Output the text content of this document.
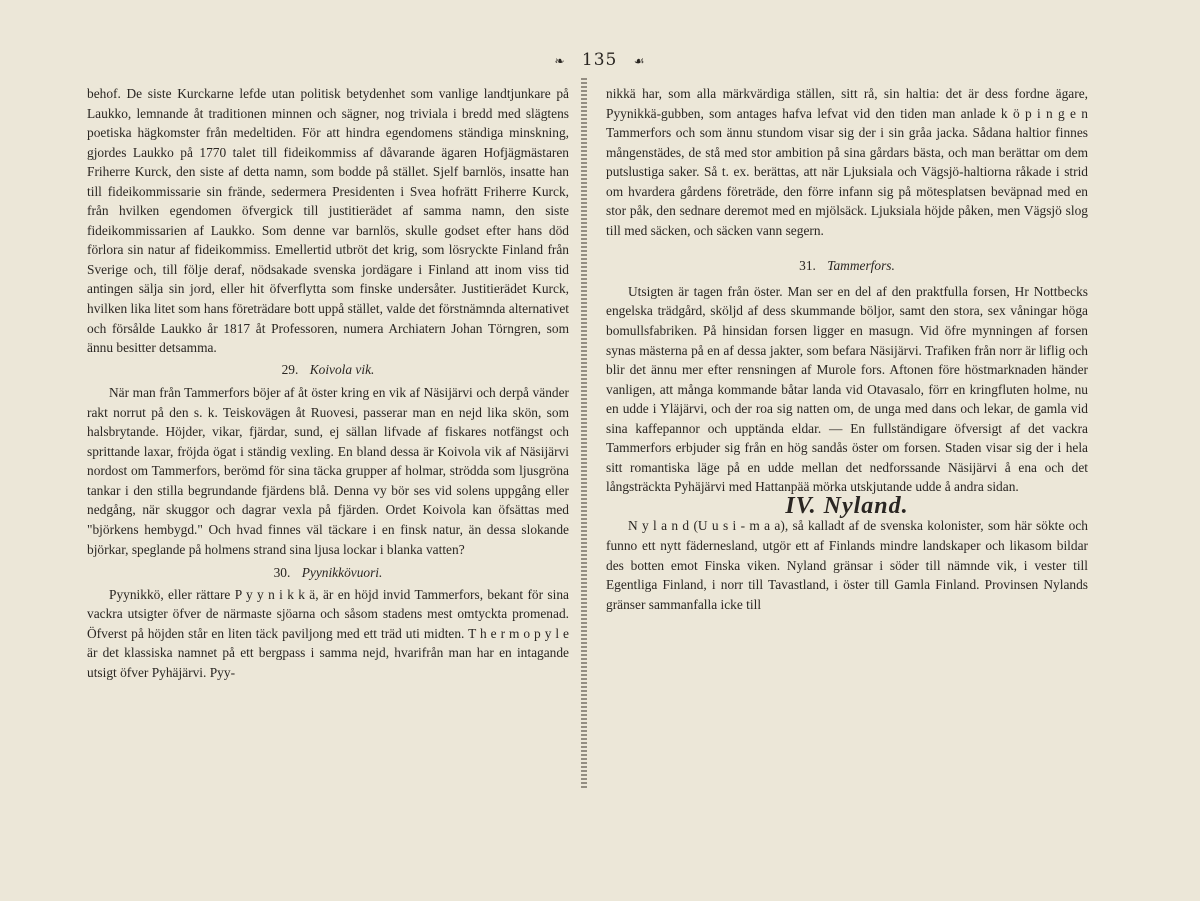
❧ 135 ☙

behof. De siste Kurckarne lefde utan politisk betydenhet som vanlige landtjunkare på Laukko, lemnande åt traditionen minnen och sägner, nog triviala i bredd med slägtens poetiska hägkomster från medeltiden. För att hindra egendomens ständiga minskning, gjordes Laukko på 1770 talet till fideikommiss af dåvarande ägaren Hofjägmästaren Friherre Kurck, den siste af detta namn, som bodde på stället. Sjelf barnlös, insatte han till fideikommissarie sin frände, sedermera Presidenten i Svea hofrätt Friherre Kurck, från hvilken egendomen öfvergick till justitierädet af samma namn, den siste fideikommissarien af Laukko. Som denne var barnlös, skulle godset efter hans död förlora sin natur af fideikommiss. Emellertid utbröt det krig, som lösryckte Finland från Sverige och, till följe deraf, nödsakade svenska jordägare i Finland att inom viss tid antingen sälja sin jord, eller hit öfverflytta som finske undersåter. Justitierädet Kurck, hvilken lika litet som hans företrädare bott uppå stället, valde det förstnämnda alternativet och försålde Laukko år 1817 åt Professoren, numera Archiatern Johan Törngren, som ännu besitter detsamma.

29. Koivola vik.

När man från Tammerfors böjer af åt öster kring en vik af Näsijärvi och derpå vänder rakt norrut på den s. k. Teiskovägen åt Ruovesi, passerar man en nejd lika skön, som halsbrytande. Höjder, vikar, fjärdar, sund, ej sällan lifvade af fiskares notfängst och sprittande laxar, fröjda ögat i ständig vexling. En bland dessa är Koivola vik af Näsijärvi nordost om Tammerfors, berömd för sina täcka grupper af holmar, strödda som ljusgröna tankar i den stilla begrundande fjärdens blå. Denna vy bör ses vid solens uppgång eller nedgång, när skuggor och dagrar vexla på fjärden. Ordet Koivola kan öfsättas med "björkens hembygd." Och hvad finnes väl täckare i en finsk natur, än dessa slokande björkar, speglande på holmens strand sina ljusa lockar i blanka vatten?

30. Pyynikkövuori.

Pyynikkö, eller rättare P y y n i k k ä, är en höjd invid Tammerfors, bekant för sina vackra utsigter öfver de närmaste sjöarna och såsom stadens mest omtyckta promenad. Öfverst på höjden står en liten täck paviljong med ett träd uti midten. T h e r m o p y l e är det klassiska namnet på ett bergpass i samma nejd, hvarifrån man har en intagande utsigt öfver Pyhäjärvi. Pyy-

nikkä har, som alla märkvärdiga ställen, sitt rå, sin haltia: det är dess fordne ägare, Pyynikkä-gubben, som antages hafva lefvat vid den tiden man anlade k ö p i n g e n Tammerfors och som ännu stundom visar sig der i sin gråa jacka. Sådana haltior finnes mångenstädes, de stå med stor ambition på sina gårdars bästa, och man berättar om dem putslustiga saker. Så t. ex. berättas, att när Ljuksiala och Vägsjö-haltiorna råkade i strid om hvardera gårdens företräde, den förre infann sig på mötesplatsen beväpnad med en stor påk, den sednare deremot med en mjölsäck. Ljuksiala höjde påken, men Vägsjö slog till med säcken, och säcken vann segern.

31. Tammerfors.

Utsigten är tagen från öster. Man ser en del af den praktfulla forsen, Hr Nottbecks engelska trädgård, sköljd af dess skummande böljor, samt den stora, sex våningar höga bomullsfabriken. På hinsidan forsen ligger en masugn. Vid öfre mynningen af forsen synas mästerna på en af dessa jakter, som befara Näsijärvi. Trafiken från norr är liflig och blir det ännu mer efter rensningen af Murole fors. Aftonen före höstmarknaden händer vanligen, att många kommande båtar landa vid Otavasalo, förr en kringfluten holme, nu en udde i Yläjärvi, och der roa sig natten om, de unga med dans och lekar, de gamla vid sina kaffepannor och upptända eldar. — En fullständigare öfversigt af det vackra Tammerfors erbjuder sig från en hög sandås öster om forsen. Staden visar sig der i hela sitt romantiska läge på en udde mellan det nedforssande Näsijärvi å ena och det långsträckta Pyhäjärvi med Hattanpää mörka utskjutande udde å andra sidan.

IV. Nyland.

N y l a n d (U u s i - m a a), så kalladt af de svenska kolonister, som här sökte och funno ett nytt fädernesland, utgör ett af Finlands mindre landskaper och likasom bildar des botten emot Finska viken. Nyland gränsar i söder till nämnde vik, i vester till Egentliga Finland, i norr till Tavastland, i öster till Gamla Finland. Provinsen Nylands gränser sammanfalla icke till
